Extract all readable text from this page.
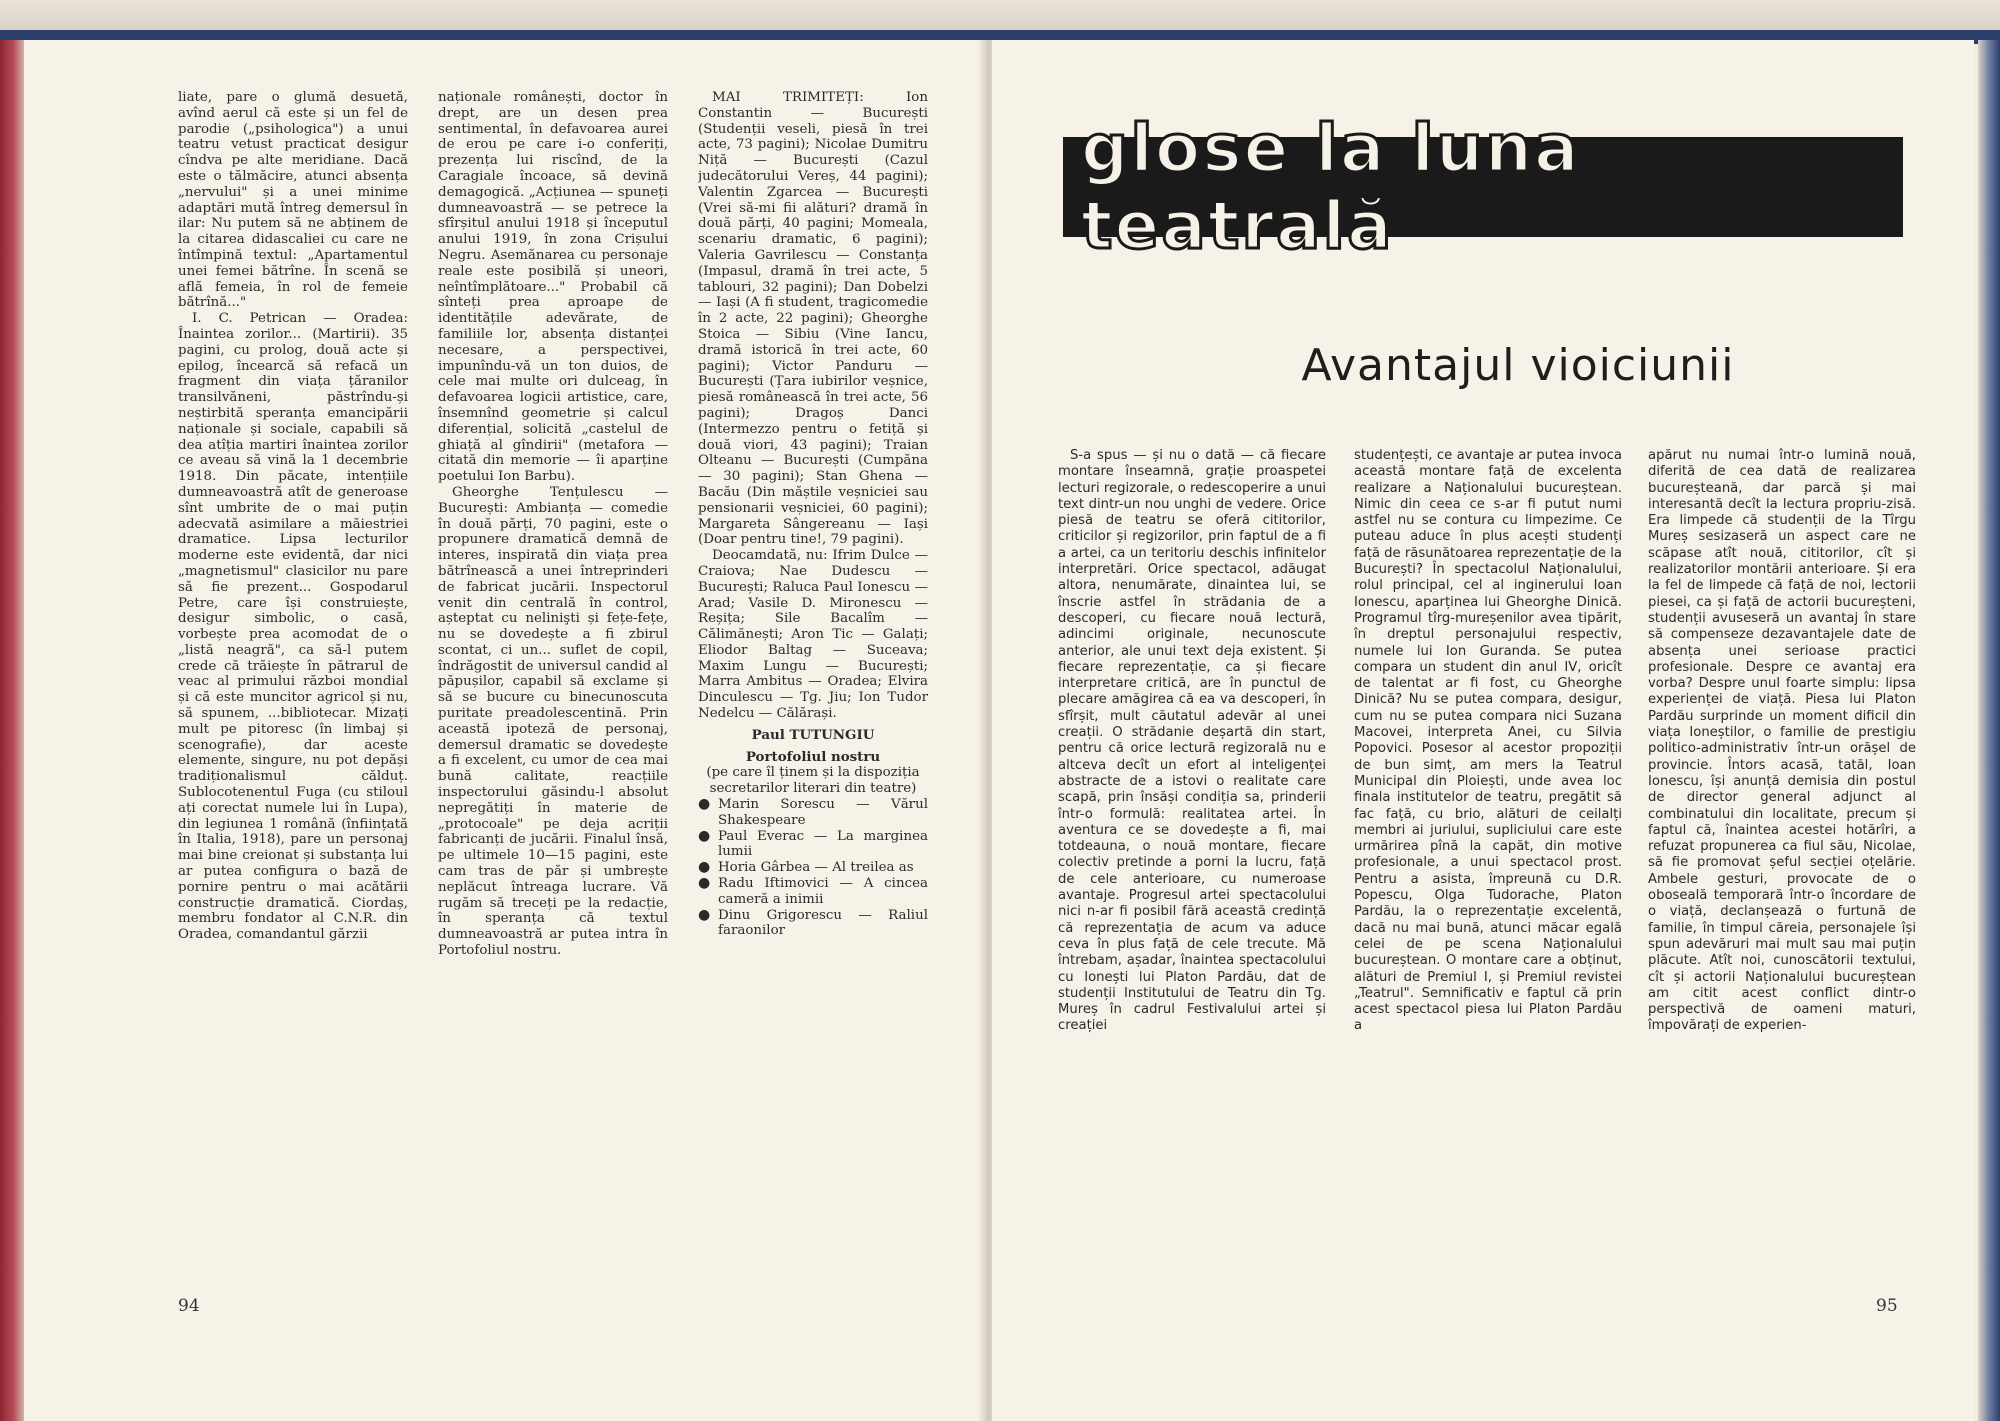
liate, pare o glumă desuetă, avînd aerul că este și un fel de parodie („psihologica") a unui teatru vetust practicat desigur cîndva pe alte meridiane. Dacă este o tălmăcire, atunci absența „nervului" și a unei minime adaptări mută întreg demersul în ilar: Nu putem să ne abținem de la citarea didascaliei cu care ne întîmpină textul: „Apartamentul unei femei bătrîne. În scenă se află femeia, în rol de femeie bătrînă..."

I. C. Petrican — Oradea: Înaintea zorilor... (Martirii). 35 pagini, cu prolog, două acte și epilog, încearcă să refacă un fragment din viața țăranilor transilvăneni, păstrîndu-și neștirbită speranța emancipării naționale și sociale, capabili să dea atîția martiri înaintea zorilor ce aveau să vină la 1 decembrie 1918. Din păcate, intențiile dumneavoastră atît de generoase sînt umbrite de o mai puțin adecvată asimilare a măiestriei dramatice. Lipsa lecturilor moderne este evidentă, dar nici „magnetismul" clasicilor nu pare să fie prezent... Gospodarul Petre, care își construiește, desigur simbolic, o casă, vorbește prea acomodat de o „listă neagră", ca să-l putem crede că trăiește în pătrarul de veac al primului război mondial și că este muncitor agricol și nu, să spunem, ...bibliotecar. Mizați mult pe pitoresc (în limbaj și scenografie), dar aceste elemente, singure, nu pot depăși tradiționalismul călduț. Sublocotenentul Fuga (cu stiloul ați corectat numele lui în Lupa), din legiunea 1 română (înființată în Italia, 1918), pare un personaj mai bine creionat și substanța lui ar putea configura o bază de pornire pentru o mai acătării construcție dramatică. Ciordaș, membru fondator al C.N.R. din Oradea, comandantul gărzii

naționale românești, doctor în drept, are un desen prea sentimental, în defavoarea aurei de erou pe care i-o conferiți, prezența lui riscînd, de la Caragiale încoace, să devină demagogică. „Acțiunea — spuneți dumneavoastră — se petrece la sfîrșitul anului 1918 și începutul anului 1919, în zona Crișului Negru. Asemănarea cu personaje reale este posibilă și uneori, neîntîmplătoare..." Probabil că sînteți prea aproape de identitățile adevărate, de familiile lor, absența distanței necesare, a perspectivei, impunîndu-vă un ton duios, de cele mai multe ori dulceag, în defavoarea logicii artistice, care, însemnînd geometrie și calcul diferențial, solicită „castelul de ghiață al gîndirii" (metafora — citată din memorie — îi aparține poetului Ion Barbu).

Gheorghe Tențulescu — București: Ambianța — comedie în două părți, 70 pagini, este o propunere dramatică demnă de interes, inspirată din viața prea bătrînească a unei întreprinderi de fabricat jucării. Inspectorul venit din centrală în control, așteptat cu nelinişti și fețe-fețe, nu se dovedește a fi zbirul scontat, ci un... suflet de copil, îndrăgostit de universul candid al păpușilor, capabil să exclame și să se bucure cu binecunoscuta puritate preadolescentină. Prin această ipoteză de personaj, demersul dramatic se dovedește a fi excelent, cu umor de cea mai bună calitate, reacțiile inspectorului găsindu-l absolut nepregătiți în materie de „protocoale" pe deja acriții fabricanți de jucării. Finalul însă, pe ultimele 10—15 pagini, este cam tras de păr și umbrește neplăcut întreaga lucrare. Vă rugăm să treceți pe la redacție, în speranța că textul dumneavoastră ar putea intra în Portofoliul nostru.

MAI TRIMITEȚI: Ion Constantin — București (Studenții veseli, piesă în trei acte, 73 pagini); Nicolae Dumitru Niță — București (Cazul judecătorului Vereș, 44 pagini); Valentin Zgarcea — București (Vrei să-mi fii alături? dramă în două părți, 40 pagini; Momeala, scenariu dramatic, 6 pagini); Valeria Gavrilescu — Constanța (Impasul, dramă în trei acte, 5 tablouri, 32 pagini); Dan Dobelzi — Iași (A fi student, tragicomedie în 2 acte, 22 pagini); Gheorghe Stoica — Sibiu (Vine Iancu, dramă istorică în trei acte, 60 pagini); Victor Panduru — București (Țara iubirilor veșnice, piesă românească în trei acte, 56 pagini); Dragoș Danci (Intermezzo pentru o fetiță și două viori, 43 pagini); Traian Olteanu — București (Cumpăna — 30 pagini); Stan Ghena — Bacău (Din măștile veșniciei sau pensionarii veșniciei, 60 pagini); Margareta Sângereanu — Iași (Doar pentru tine!, 79 pagini).

Deocamdată, nu: Ifrim Dulce — Craiova; Nae Dudescu — București; Raluca Paul Ionescu — Arad; Vasile D. Mironescu — Reșița; Sile Bacalîm — Călimănești; Aron Tic — Galați; Eliodor Baltag — Suceava; Maxim Lungu — București; Marra Ambitus — Oradea; Elvira Dinculescu — Tg. Jiu; Ion Tudor Nedelcu — Călărași.

Paul TUTUNGIU

Portofoliul nostru

(pe care îl ținem și la dispoziția secretarilor literari din teatre)

● Marin Sorescu — Vărul Shakespeare
● Paul Everac — La marginea lumii
● Horia Gârbea — Al treilea as
● Radu Iftimovici — A cincea cameră a inimii
● Dinu Grigorescu — Raliul faraonilor
94
glose la luna teatrală
Avantajul vioiciunii

S-a spus — și nu o dată — că fiecare montare înseamnă, grație proaspetei lecturi regizorale, o redescoperire a unui text dintr-un nou unghi de vedere. Orice piesă de teatru se oferă cititorilor, criticilor și regizorilor, prin faptul de a fi a artei, ca un teritoriu deschis infinitelor interpretări. Orice spectacol, adăugat altora, nenumărate, dinaintea lui, se înscrie astfel în strădania de a descoperi, cu fiecare nouă lectură, adincimi originale, necunoscute anterior, ale unui text deja existent. Și fiecare reprezentație, ca și fiecare interpretare critică, are în punctul de plecare amăgirea că ea va descoperi, în sfîrșit, mult căutatul adevăr al unei creații. O strădanie deșartă din start, pentru că orice lectură regizorală nu e altceva decît un efort al inteligenței abstracte de a istovi o realitate care scapă, prin însăși condiția sa, prinderii într-o formulă: realitatea artei. În aventura ce se dovedește a fi, mai totdeauna, o nouă montare, fiecare colectiv pretinde a porni la lucru, față de cele anterioare, cu numeroase avantaje. Progresul artei spectacolului nici n-ar fi posibil fără această credință că reprezentația de acum va aduce ceva în plus față de cele trecute. Mă întrebam, așadar, înaintea spectacolului cu Ionești lui Platon Pardău, dat de studenții Institutului de Teatru din Tg. Mureș în cadrul Festivalului artei și creației

studențești, ce avantaje ar putea invoca această montare față de excelenta realizare a Naționalului bucureștean. Nimic din ceea ce s-ar fi putut numi astfel nu se contura cu limpezime. Ce puteau aduce în plus acești studenți față de răsunătoarea reprezentație de la București? În spectacolul Naționalului, rolul principal, cel al inginerului Ioan Ionescu, aparținea lui Gheorghe Dinică. Programul tîrg-mureșenilor avea tipărit, în dreptul personajului respectiv, numele lui Ion Guranda. Se putea compara un student din anul IV, oricît de talentat ar fi fost, cu Gheorghe Dinică? Nu se putea compara, desigur, cum nu se putea compara nici Suzana Macovei, interpreta Anei, cu Silvia Popovici. Posesor al acestor propoziții de bun simț, am mers la Teatrul Municipal din Ploiești, unde avea loc finala institutelor de teatru, pregătit să fac față, cu brio, alături de ceilalți membri ai juriului, supliciului care este urmărirea pînă la capăt, din motive profesionale, a unui spectacol prost. Pentru a asista, împreună cu D.R. Popescu, Olga Tudorache, Platon Pardău, la o reprezentație excelentă, dacă nu mai bună, atunci măcar egală celei de pe scena Naționalului bucureștean. O montare care a obținut, alături de Premiul I, și Premiul revistei „Teatrul". Semnificativ e faptul că prin acest spectacol piesa lui Platon Pardău a

apărut nu numai într-o lumină nouă, diferită de cea dată de realizarea bucureșteană, dar parcă și mai interesantă decît la lectura propriu-zisă. Era limpede că studenții de la Tîrgu Mureș sesizaseră un aspect care ne scăpase atît nouă, cititorilor, cît și realizatorilor montării anterioare. Și era la fel de limpede că față de noi, lectorii piesei, ca și față de actorii bucureșteni, studenții avuseseră un avantaj în stare să compenseze dezavantajele date de absența unei serioase practici profesionale. Despre ce avantaj era vorba? Despre unul foarte simplu: lipsa experienței de viață. Piesa lui Platon Pardău surprinde un moment dificil din viața Ioneștilor, o familie de prestigiu politico-administrativ într-un orășel de provincie. Întors acasă, tatăl, Ioan Ionescu, își anunță demisia din postul de director general adjunct al combinatului din localitate, precum și faptul că, înaintea acestei hotărîri, a refuzat propunerea ca fiul său, Nicolae, să fie promovat șeful secției oțelărie. Ambele gesturi, provocate de o oboseală temporară într-o încordare de o viață, declanșează o furtună de familie, în timpul căreia, personajele își spun adevăruri mai mult sau mai puțin plăcute. Atît noi, cunoscătorii textului, cît și actorii Naționalului bucureștean am citit acest conflict dintr-o perspectivă de oameni maturi, împovărați de experien-

95
